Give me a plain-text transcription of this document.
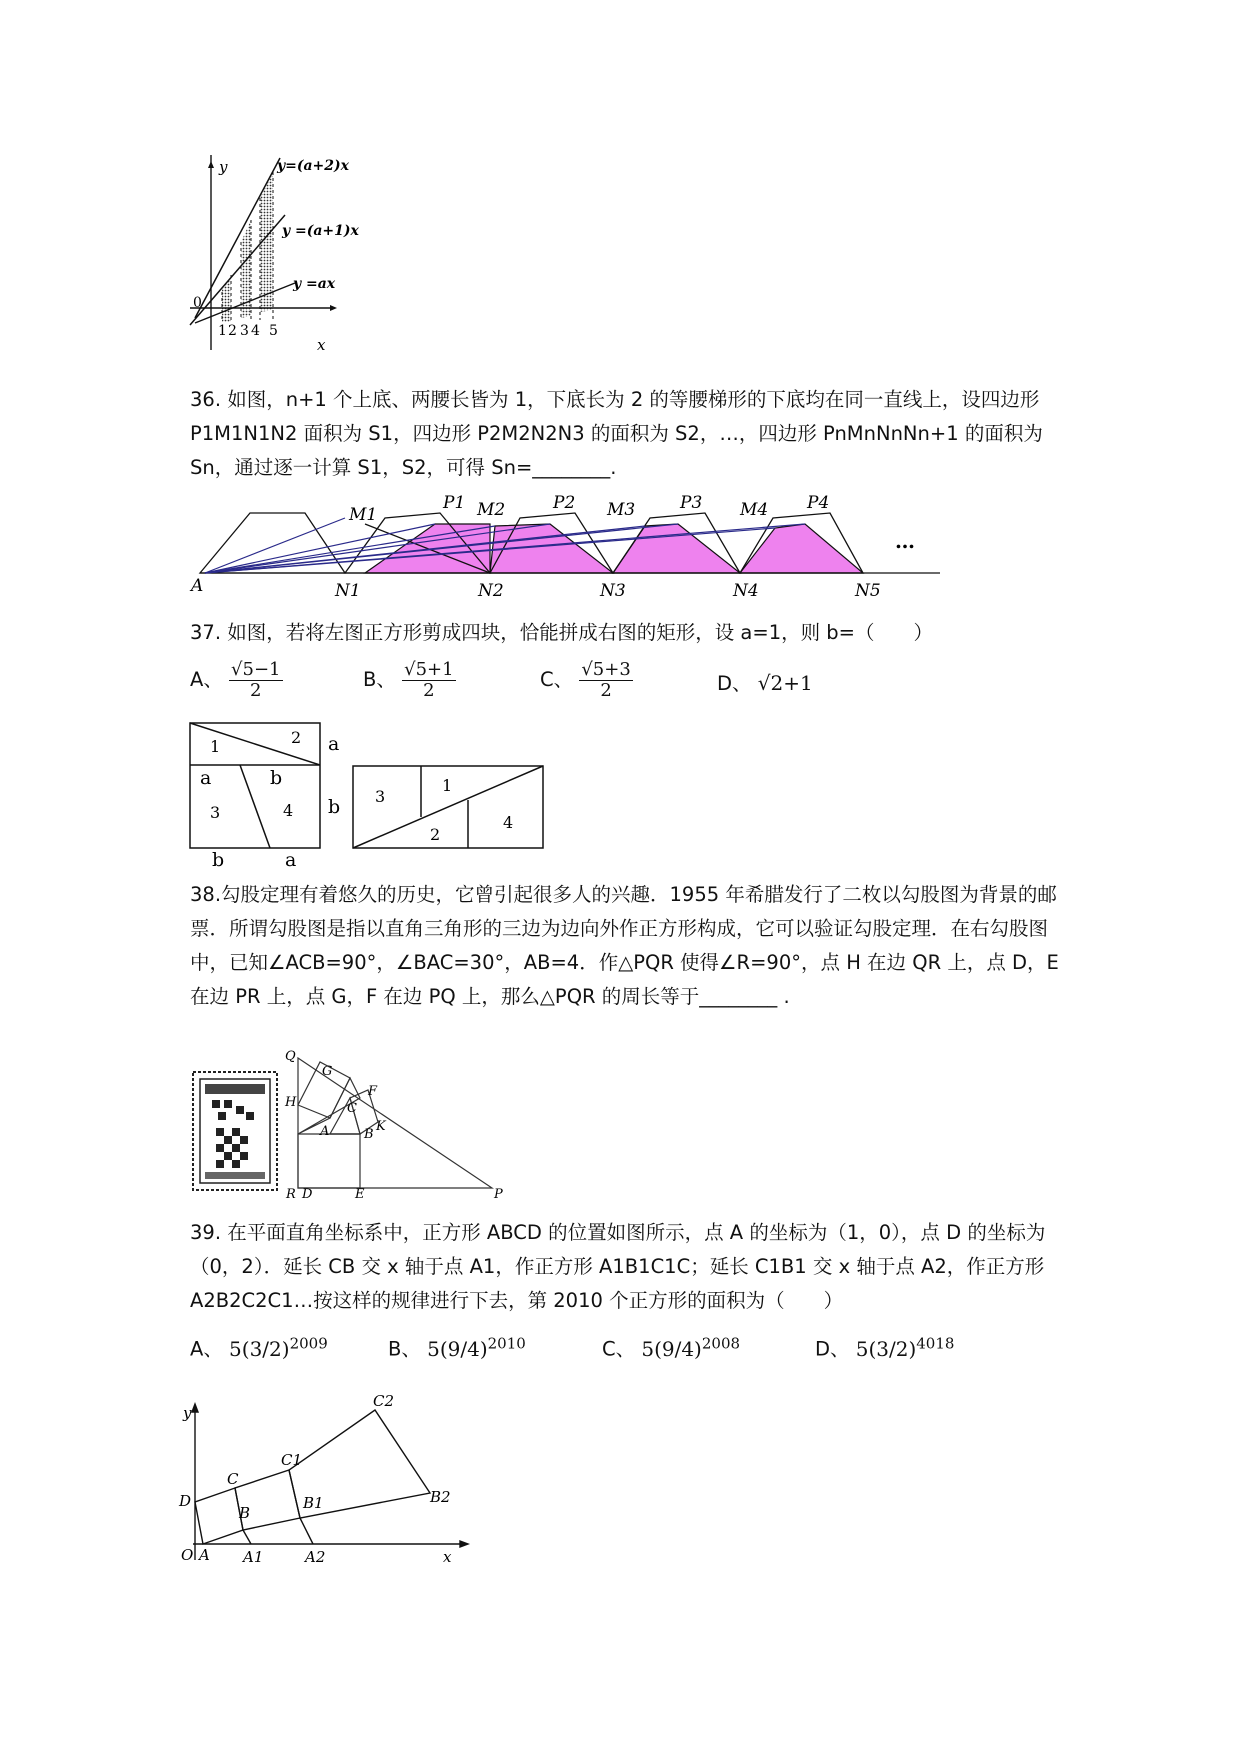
y
x
0
y=(a+2)x
y =(a+1)x
y =ax
1 2 3 4 5
36. 如图，n+1 个上底、两腰长皆为 1，下底长为 2 的等腰梯形的下底均在同一直线上，设四边形 P1M1N1N2 面积为 S1，四边形 P2M2N2N3 的面积为 S2，…，四边形 PnMnNnNn+1 的面积为 Sn，通过逐一计算 S1，S2，可得 Sn=________.
A
P1	P2	P3	P4
M1	M2	M3	M4
N1	N2	N3	N4	N5
…
37. 如图，若将左图正方形剪成四块，恰能拼成右图的矩形，设 a=1，则 b=（　　）
A、 $\frac{√5-1}{2}$	B、 $\frac{√5+1}{2}$	C、 $\frac{√5+3}{2}$	D、 √2+1
1	2
3	4
a
a	b
b
b	a
3
1
2
4
38.勾股定理有着悠久的历史，它曾引起很多人的兴趣．1955 年希腊发行了二枚以勾股图为背景的邮票．所谓勾股图是指以直角三角形的三边为边向外作正方形构成，它可以验证勾股定理．在右勾股图中，已知∠ACB=90°，∠BAC=30°，AB=4．作△PQR 使得∠R=90°，点 H 在边 QR 上，点 D，E 在边 PR 上，点 G，F 在边 PQ 上，那么△PQR 的周长等于________ .
Q
G
H
F
C
K
A	B
R D	E	P
39. 在平面直角坐标系中，正方形 ABCD 的位置如图所示，点 A 的坐标为（1，0），点 D 的坐标为（0，2）．延长 CB 交 x 轴于点 A1，作正方形 A1B1C1C；延长 C1B1 交 x 轴于点 A2，作正方形 A2B2C2C1…按这样的规律进行下去，第 2010 个正方形的面积为（　　）
A、 $5(3/2)^{2009}$	B、 $5(9/4)^{2010}$	C、 $5(9/4)^{2008}$	D、 $5(3/2)^{4018}$
y
x
O A A1	A2
D
B
B1	B2
C
C1
C2
